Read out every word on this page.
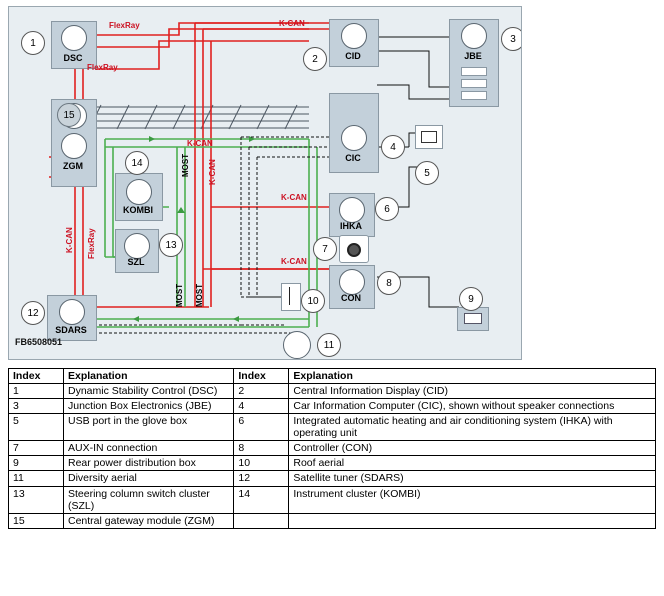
DSC
ZGM
KOMBI
SZL
SDARS
CID
CIC
IHKA
CON
JBE
FlexRay
FlexRay
FlexRay
K-CAN
K-CAN
K-CAN
K-CAN
K-CAN
K-CAN
MOST
MOST MOST
1
2
3
4
5
6
7
8
9
10
11
12
13
14
15
FB6508051
Index	Explanation	Index	Explanation
1	Dynamic Stability Control (DSC)	2	Central Information Display (CID)
3	Junction Box Electronics (JBE)	4	Car Information Computer (CIC), shown without speaker connections
5	USB port in the glove box	6	Integrated automatic heating and air conditioning system (IHKA) with operating unit
7	AUX-IN connection	8	Controller (CON)
9	Rear power distribution box	10	Roof aerial
11	Diversity aerial	12	Satellite tuner (SDARS)
13	Steering column switch cluster (SZL)	14	Instrument cluster (KOMBI)
15	Central gateway module (ZGM)		
